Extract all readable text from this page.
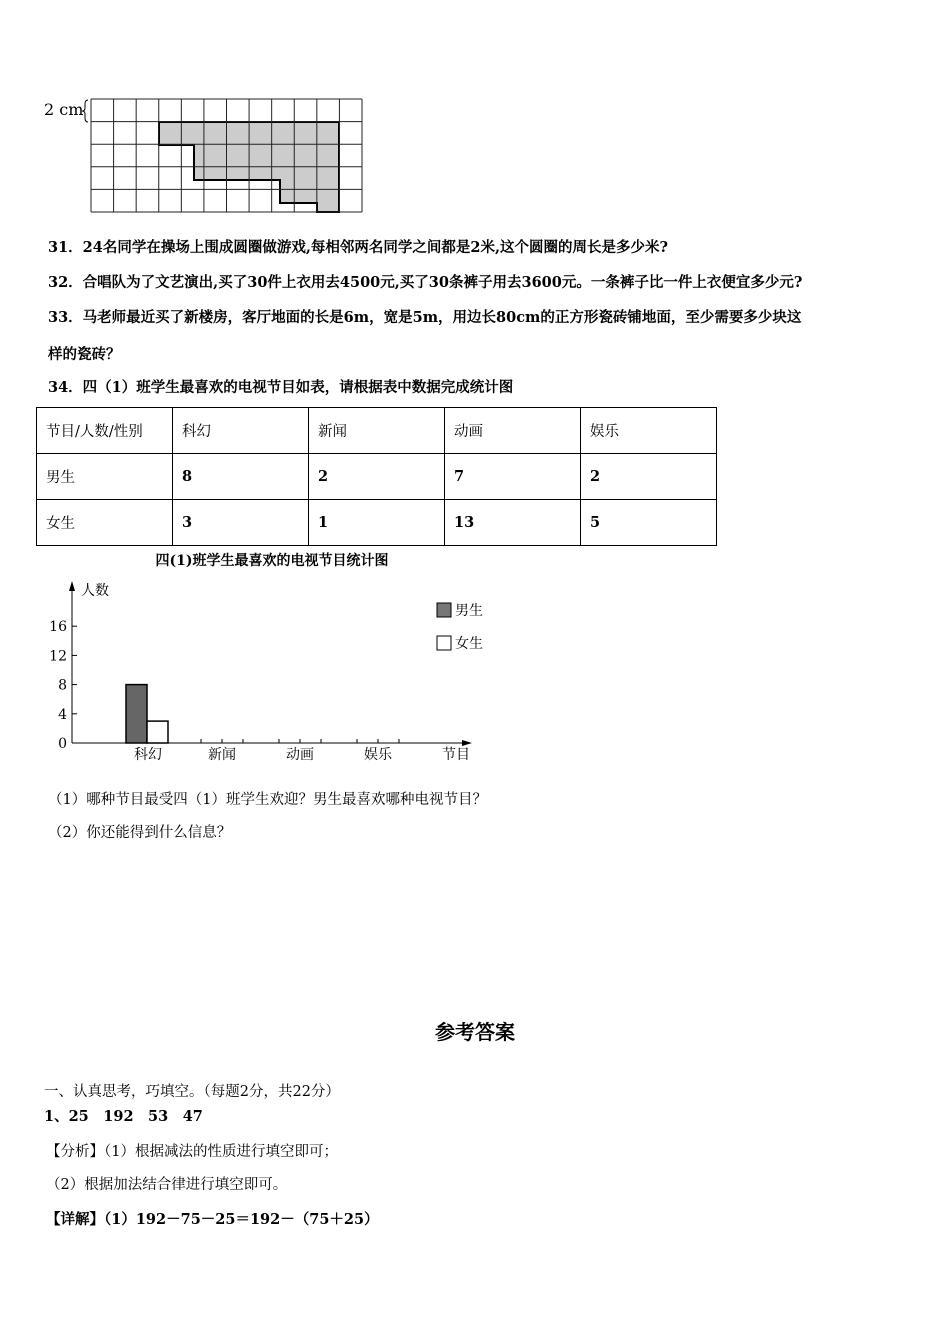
2 cm
31．24名同学在操场上围成圆圈做游戏,每相邻两名同学之间都是2米,这个圆圈的周长是多少米?
32．合唱队为了文艺演出,买了30件上衣用去4500元,买了30条裤子用去3600元。一条裤子比一件上衣便宜多少元?
33．马老师最近买了新楼房，客厅地面的长是6m，宽是5m，用边长80cm的正方形瓷砖铺地面，至少需要多少块这
样的瓷砖？
34．四（1）班学生最喜欢的电视节目如表，请根据表中数据完成统计图
节目/人数/性别	科幻	新闻	动画	娱乐
男生	8	2	7	2
女生	3	1	13	5
四(1)班学生最喜欢的电视节目统计图
人数
节目
男生
女生
0
4
8
12
16
科幻	新闻	动画	娱乐
（1）哪种节目最受四（1）班学生欢迎？男生最喜欢哪种电视节目？
（2）你还能得到什么信息？
参考答案
一、认真思考，巧填空。（每题2分，共22分）
1、25　192　53　47
【分析】（1）根据减法的性质进行填空即可；
（2）根据加法结合律进行填空即可。
【详解】（1）192－75－25＝192－（75＋25）
